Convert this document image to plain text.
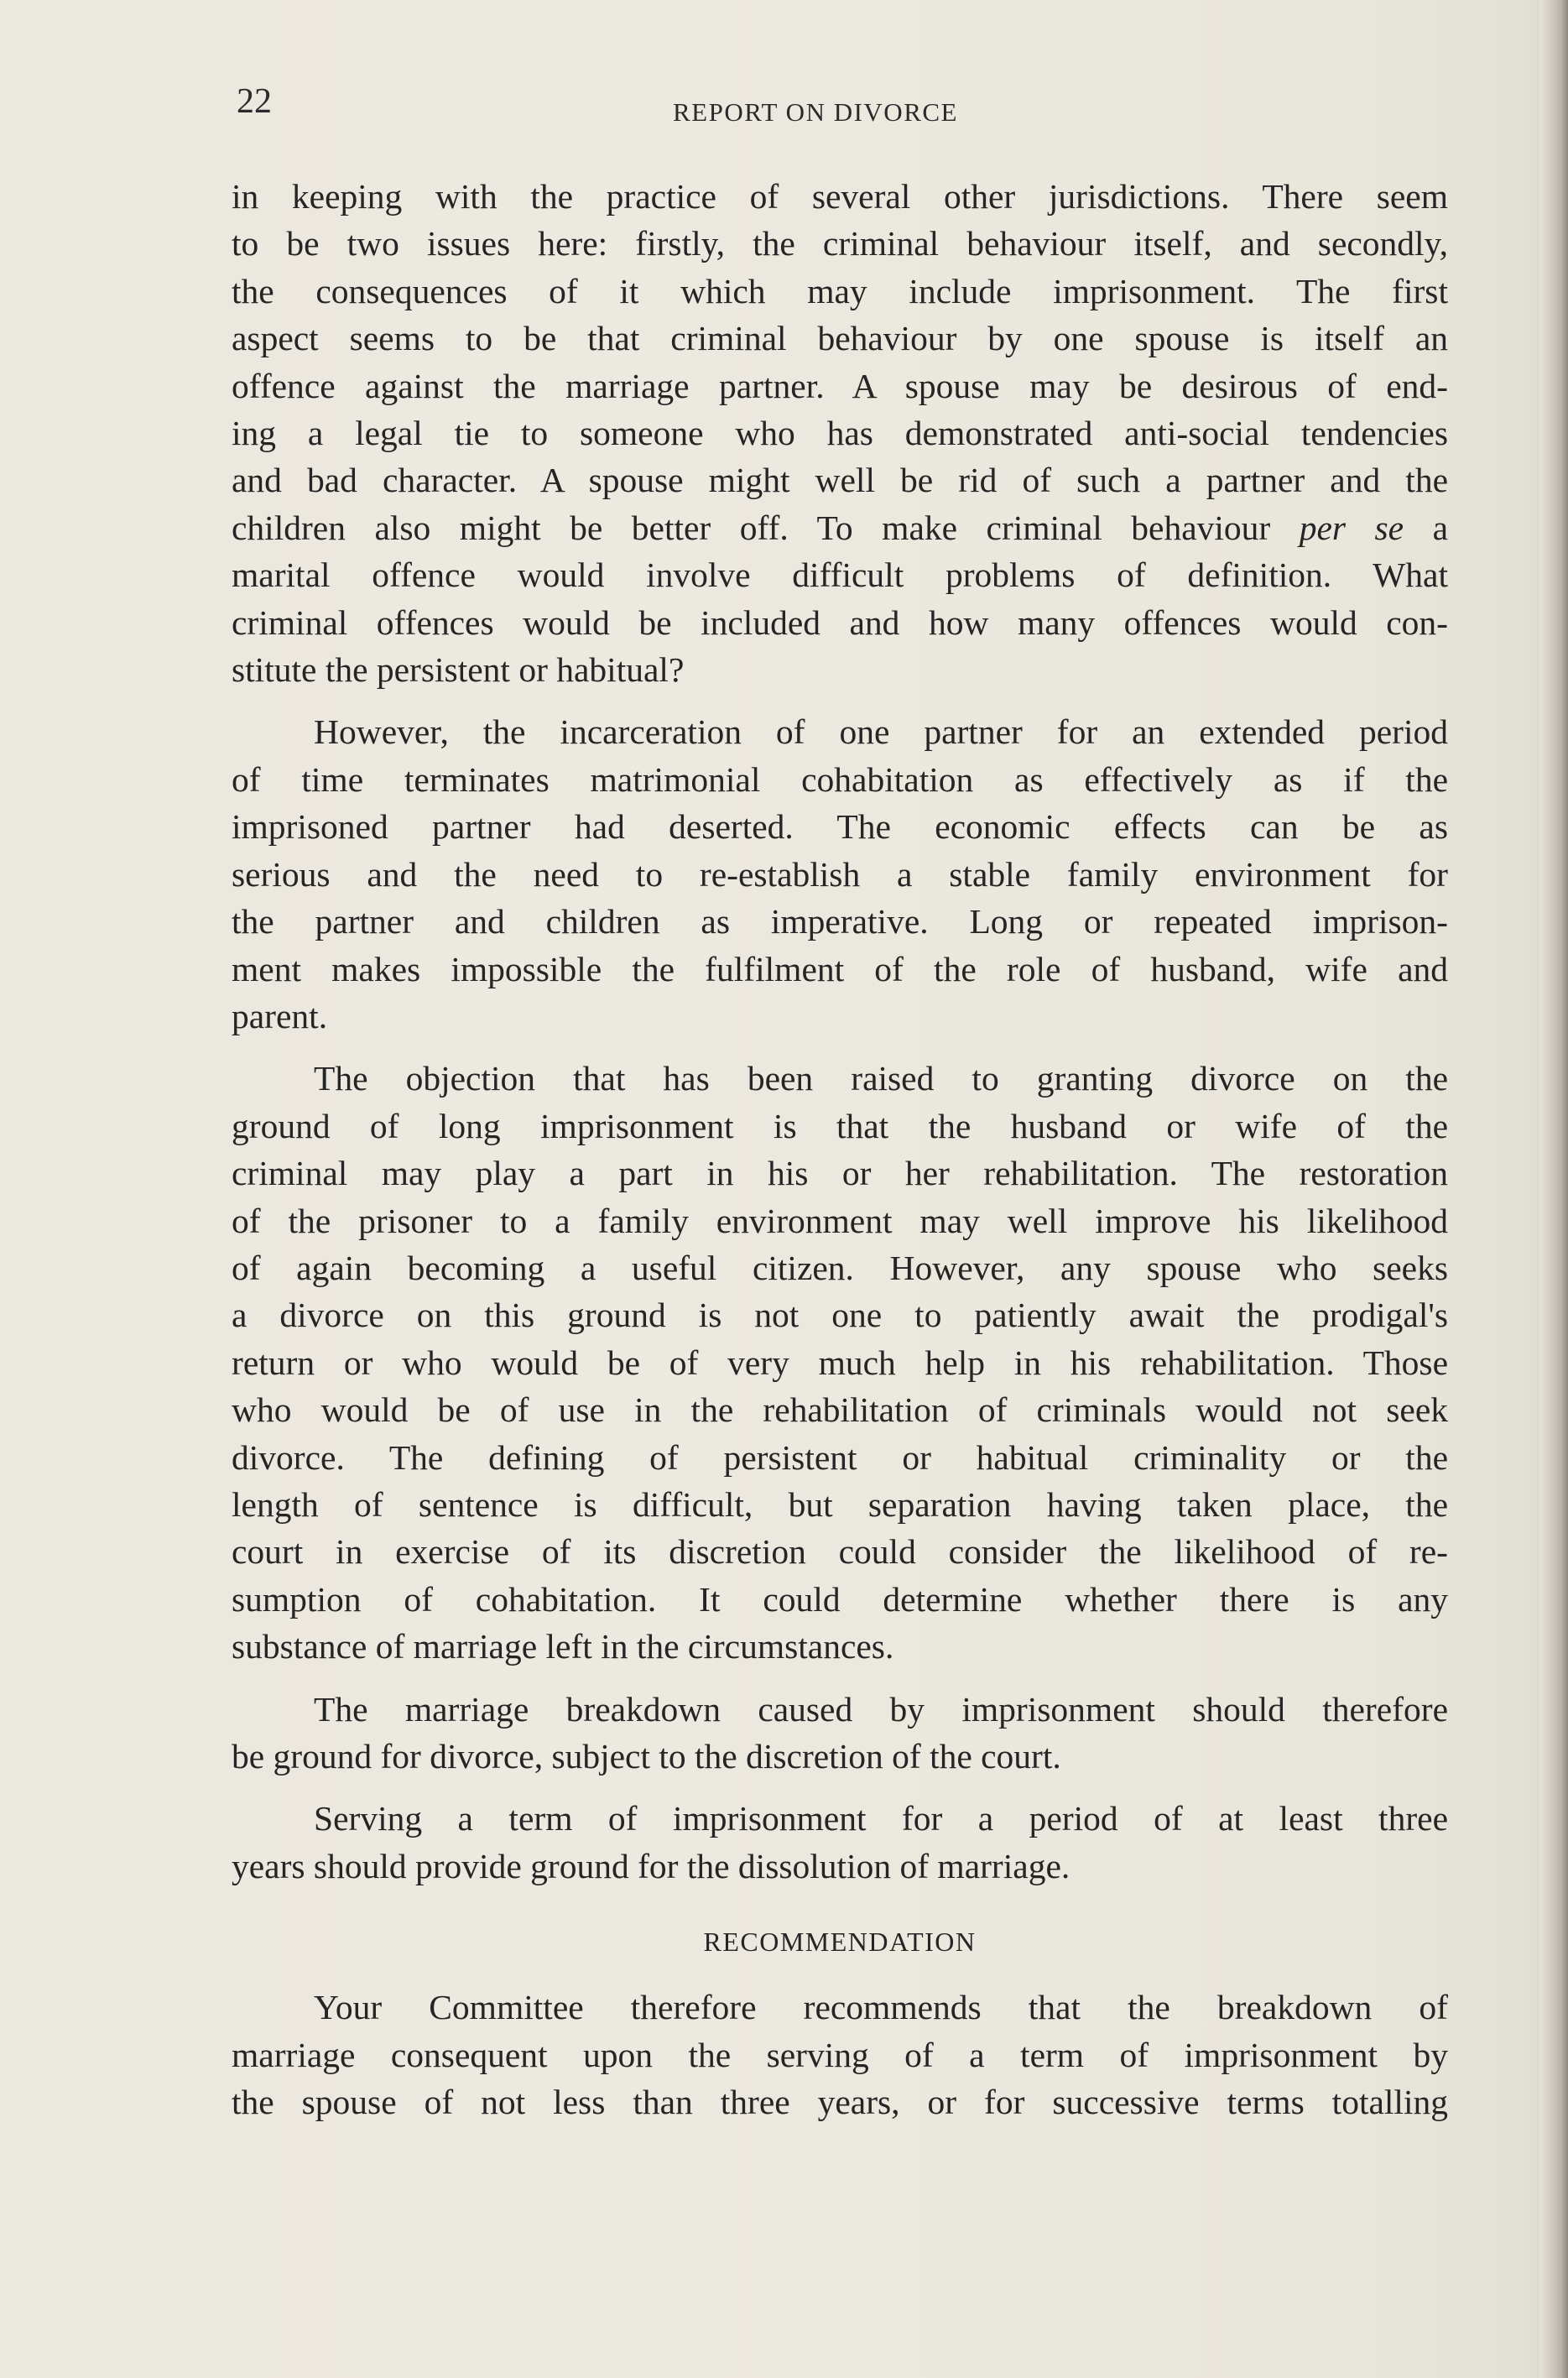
22	REPORT ON DIVORCE

in keeping with the practice of several other jurisdictions. There seem
to be two issues here: firstly, the criminal behaviour itself, and secondly,
the consequences of it which may include imprisonment. The first
aspect seems to be that criminal behaviour by one spouse is itself an
offence against the marriage partner. A spouse may be desirous of end-
ing a legal tie to someone who has demonstrated anti-social tendencies
and bad character. A spouse might well be rid of such a partner and the
children also might be better off. To make criminal behaviour per se a
marital offence would involve difficult problems of definition. What
criminal offences would be included and how many offences would con-
stitute the persistent or habitual?

However, the incarceration of one partner for an extended period
of time terminates matrimonial cohabitation as effectively as if the
imprisoned partner had deserted. The economic effects can be as
serious and the need to re-establish a stable family environment for
the partner and children as imperative. Long or repeated imprison-
ment makes impossible the fulfilment of the role of husband, wife and
parent.

The objection that has been raised to granting divorce on the
ground of long imprisonment is that the husband or wife of the
criminal may play a part in his or her rehabilitation. The restoration
of the prisoner to a family environment may well improve his likelihood
of again becoming a useful citizen. However, any spouse who seeks
a divorce on this ground is not one to patiently await the prodigal's
return or who would be of very much help in his rehabilitation. Those
who would be of use in the rehabilitation of criminals would not seek
divorce. The defining of persistent or habitual criminality or the
length of sentence is difficult, but separation having taken place, the
court in exercise of its discretion could consider the likelihood of re-
sumption of cohabitation. It could determine whether there is any
substance of marriage left in the circumstances.

The marriage breakdown caused by imprisonment should therefore
be ground for divorce, subject to the discretion of the court.

Serving a term of imprisonment for a period of at least three
years should provide ground for the dissolution of marriage.

RECOMMENDATION

Your Committee therefore recommends that the breakdown of
marriage consequent upon the serving of a term of imprisonment by
the spouse of not less than three years, or for successive terms totalling
